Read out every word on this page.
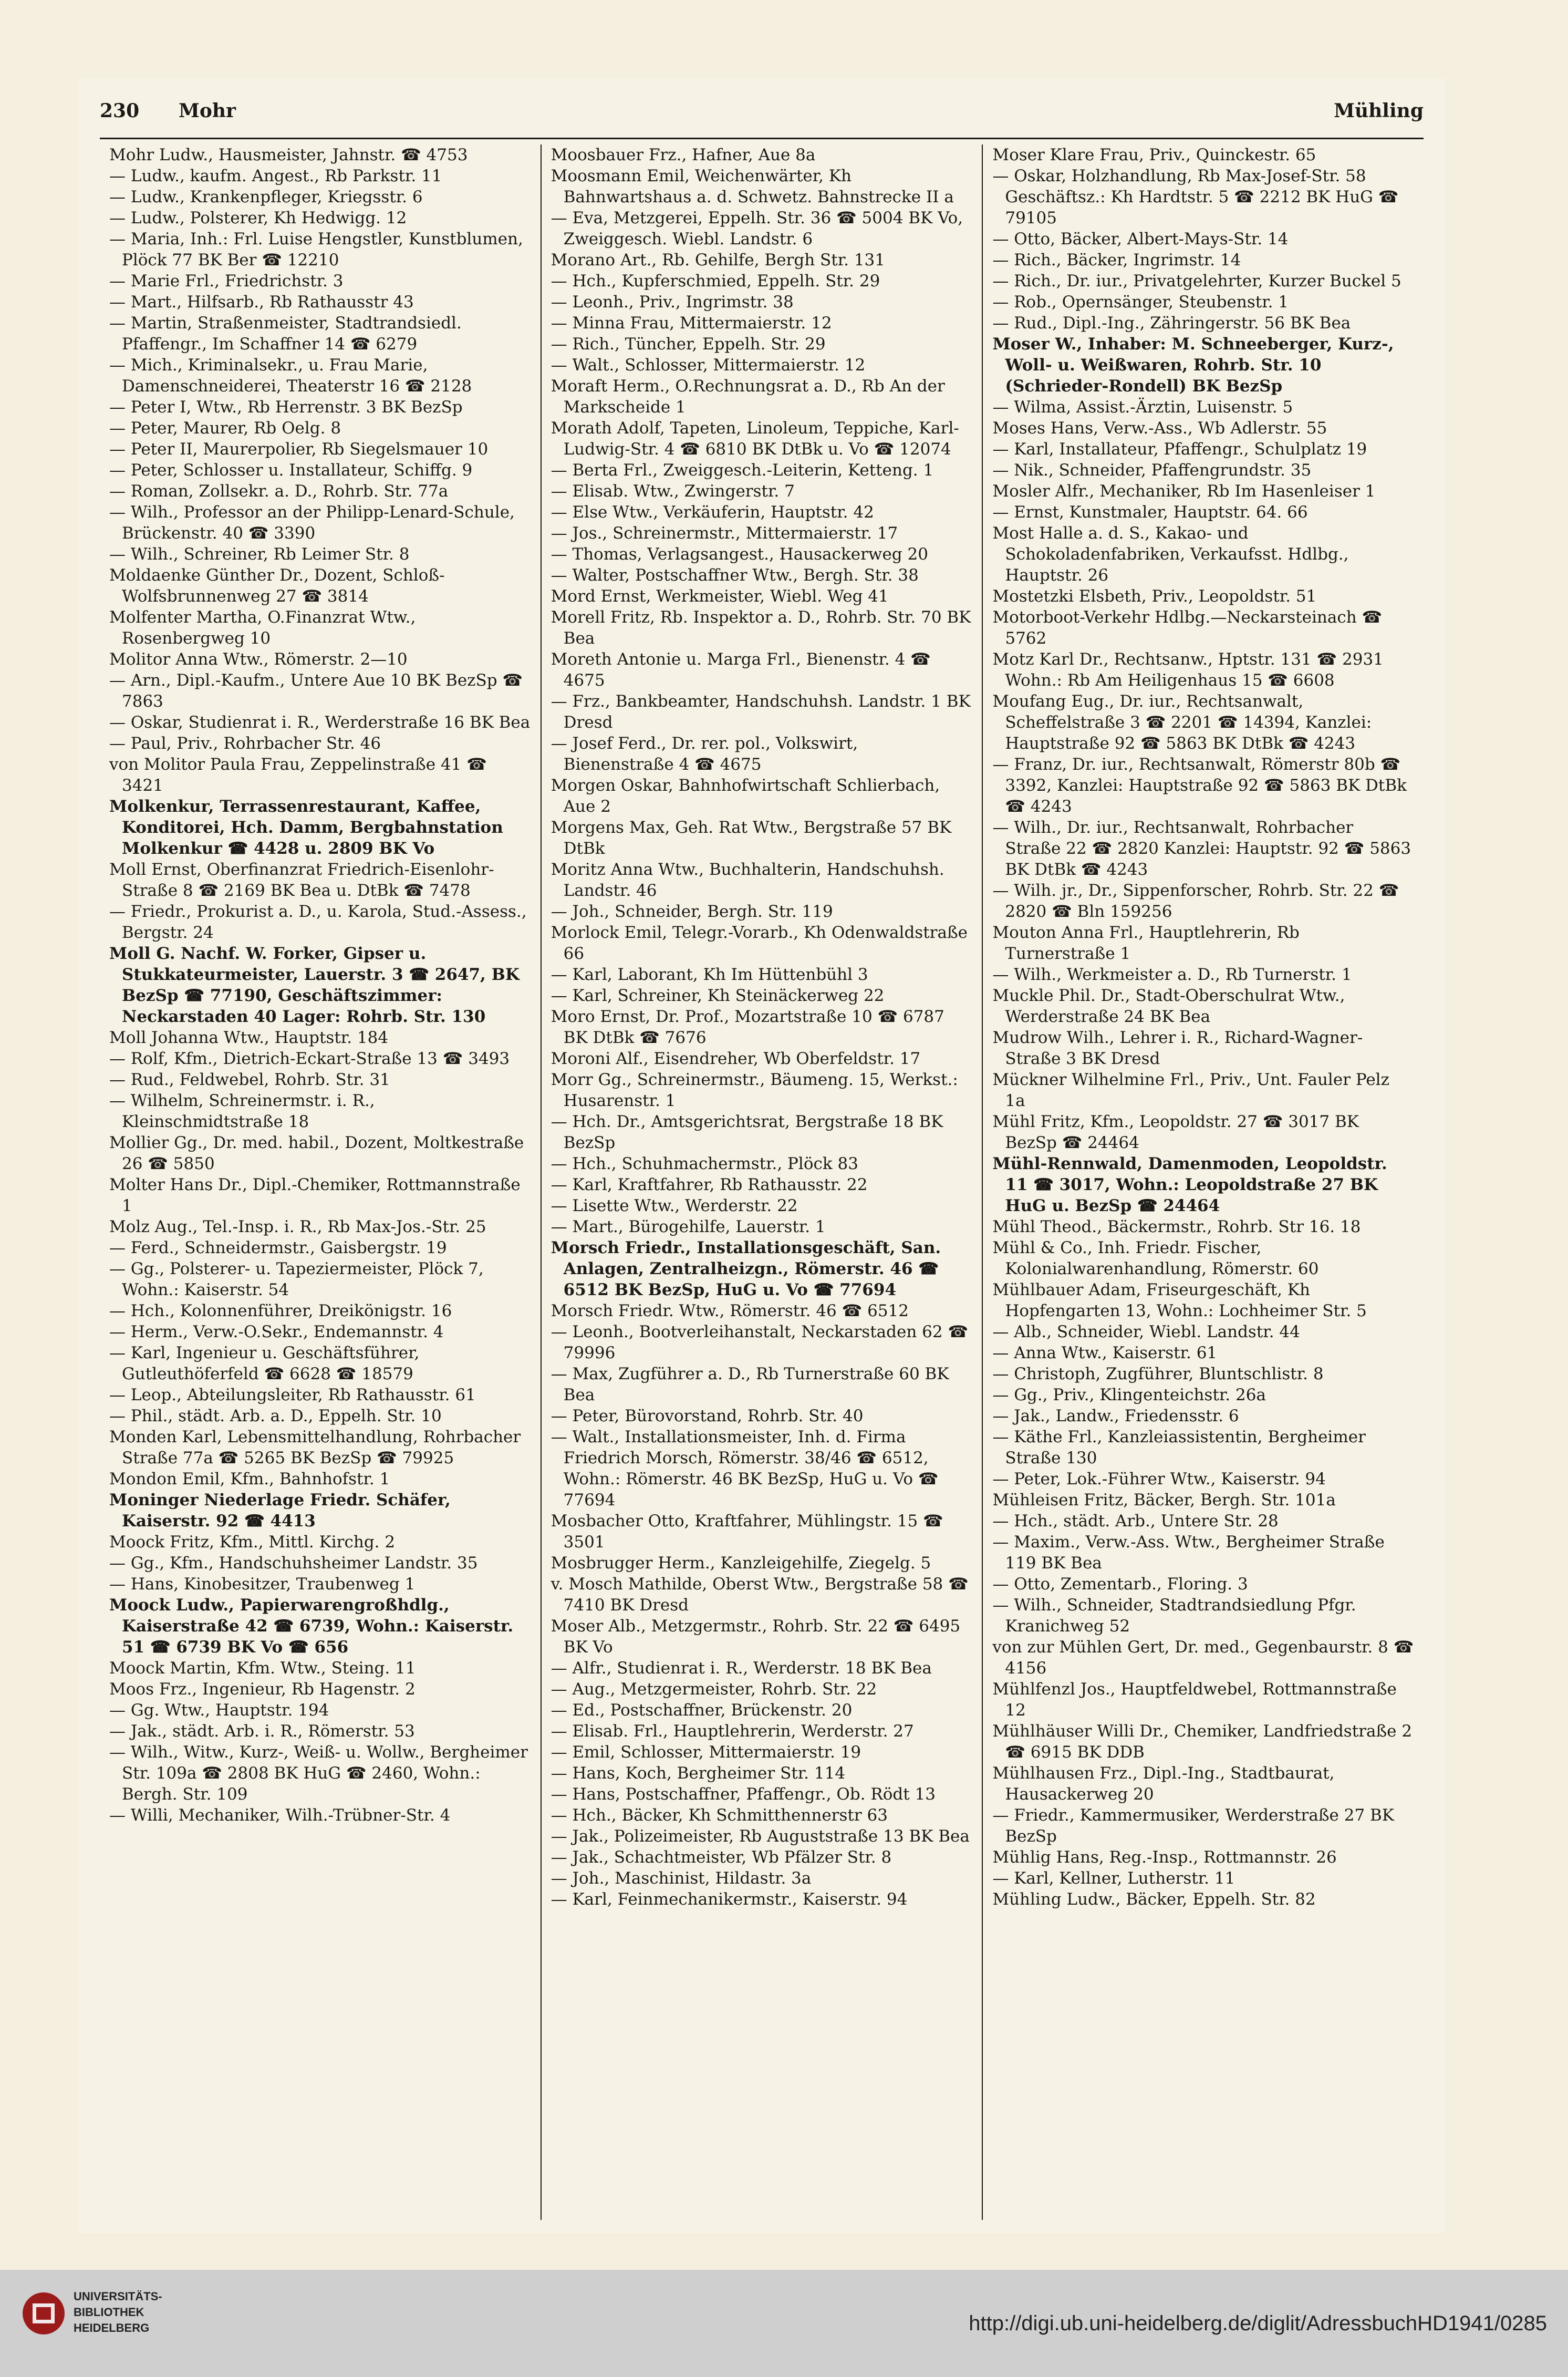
230 Mohr	Mühling

Mohr Ludw., Hausmeister, Jahnstr. ☎ 4753

— Ludw., kaufm. Angest., Rb Parkstr. 11

— Ludw., Krankenpfleger, Kriegsstr. 6

— Ludw., Polsterer, Kh Hedwigg. 12

— Maria, Inh.: Frl. Luise Hengstler, Kunstblumen, Plöck 77 BK Ber ☎ 12210

— Marie Frl., Friedrichstr. 3

— Mart., Hilfsarb., Rb Rathausstr 43

— Martin, Straßenmeister, Stadtrandsiedl. Pfaffengr., Im Schaffner 14 ☎ 6279

— Mich., Kriminalsekr., u. Frau Marie, Damenschneiderei, Theaterstr 16 ☎ 2128

— Peter I, Wtw., Rb Herrenstr. 3 BK BezSp

— Peter, Maurer, Rb Oelg. 8

— Peter II, Maurerpolier, Rb Siegelsmauer 10

— Peter, Schlosser u. Installateur, Schiffg. 9

— Roman, Zollsekr. a. D., Rohrb. Str. 77a

— Wilh., Professor an der Philipp-Lenard-Schule, Brückenstr. 40 ☎ 3390

— Wilh., Schreiner, Rb Leimer Str. 8

Moldaenke Günther Dr., Dozent, Schloß-Wolfsbrunnenweg 27 ☎ 3814

Molfenter Martha, O.Finanzrat Wtw., Rosenbergweg 10

Molitor Anna Wtw., Römerstr. 2—10

— Arn., Dipl.-Kaufm., Untere Aue 10 BK BezSp ☎ 7863

— Oskar, Studienrat i. R., Werderstraße 16 BK Bea

— Paul, Priv., Rohrbacher Str. 46

von Molitor Paula Frau, Zeppelinstraße 41 ☎ 3421

Molkenkur, Terrassenrestaurant, Kaffee, Konditorei, Hch. Damm, Bergbahnstation Molkenkur ☎ 4428 u. 2809 BK Vo

Moll Ernst, Oberfinanzrat Friedrich-Eisenlohr-Straße 8 ☎ 2169 BK Bea u. DtBk ☎ 7478

— Friedr., Prokurist a. D., u. Karola, Stud.-Assess., Bergstr. 24

Moll G. Nachf. W. Forker, Gipser u. Stukkateurmeister, Lauerstr. 3 ☎ 2647, BK BezSp ☎ 77190, Geschäftszimmer: Neckarstaden 40 Lager: Rohrb. Str. 130

Moll Johanna Wtw., Hauptstr. 184

— Rolf, Kfm., Dietrich-Eckart-Straße 13 ☎ 3493

— Rud., Feldwebel, Rohrb. Str. 31

— Wilhelm, Schreinermstr. i. R., Kleinschmidtstraße 18

Mollier Gg., Dr. med. habil., Dozent, Moltkestraße 26 ☎ 5850

Molter Hans Dr., Dipl.-Chemiker, Rottmannstraße 1

Molz Aug., Tel.-Insp. i. R., Rb Max-Jos.-Str. 25

— Ferd., Schneidermstr., Gaisbergstr. 19

— Gg., Polsterer- u. Tapeziermeister, Plöck 7, Wohn.: Kaiserstr. 54

— Hch., Kolonnenführer, Dreikönigstr. 16

— Herm., Verw.-O.Sekr., Endemannstr. 4

— Karl, Ingenieur u. Geschäftsführer, Gutleuthöferfeld ☎ 6628 ☎ 18579

— Leop., Abteilungsleiter, Rb Rathausstr. 61

— Phil., städt. Arb. a. D., Eppelh. Str. 10

Monden Karl, Lebensmittelhandlung, Rohrbacher Straße 77a ☎ 5265 BK BezSp ☎ 79925

Mondon Emil, Kfm., Bahnhofstr. 1

Moninger Niederlage Friedr. Schäfer, Kaiserstr. 92 ☎ 4413

Moock Fritz, Kfm., Mittl. Kirchg. 2

— Gg., Kfm., Handschuhsheimer Landstr. 35

— Hans, Kinobesitzer, Traubenweg 1

Moock Ludw., Papierwarengroßhdlg., Kaiserstraße 42 ☎ 6739, Wohn.: Kaiserstr. 51 ☎ 6739 BK Vo ☎ 656

Moock Martin, Kfm. Wtw., Steing. 11

Moos Frz., Ingenieur, Rb Hagenstr. 2

— Gg. Wtw., Hauptstr. 194

— Jak., städt. Arb. i. R., Römerstr. 53

— Wilh., Witw., Kurz-, Weiß- u. Wollw., Bergheimer Str. 109a ☎ 2808 BK HuG ☎ 2460, Wohn.: Bergh. Str. 109

— Willi, Mechaniker, Wilh.-Trübner-Str. 4

Moosbauer Frz., Hafner, Aue 8a

Moosmann Emil, Weichenwärter, Kh Bahnwartshaus a. d. Schwetz. Bahnstrecke II a

— Eva, Metzgerei, Eppelh. Str. 36 ☎ 5004 BK Vo, Zweiggesch. Wiebl. Landstr. 6

Morano Art., Rb. Gehilfe, Bergh Str. 131

— Hch., Kupferschmied, Eppelh. Str. 29

— Leonh., Priv., Ingrimstr. 38

— Minna Frau, Mittermaierstr. 12

— Rich., Tüncher, Eppelh. Str. 29

— Walt., Schlosser, Mittermaierstr. 12

Moraft Herm., O.Rechnungsrat a. D., Rb An der Markscheide 1

Morath Adolf, Tapeten, Linoleum, Teppiche, Karl-Ludwig-Str. 4 ☎ 6810 BK DtBk u. Vo ☎ 12074

— Berta Frl., Zweiggesch.-Leiterin, Ketteng. 1

— Elisab. Wtw., Zwingerstr. 7

— Else Wtw., Verkäuferin, Hauptstr. 42

— Jos., Schreinermstr., Mittermaierstr. 17

— Thomas, Verlagsangest., Hausackerweg 20

— Walter, Postschaffner Wtw., Bergh. Str. 38

Mord Ernst, Werkmeister, Wiebl. Weg 41

Morell Fritz, Rb. Inspektor a. D., Rohrb. Str. 70 BK Bea

Moreth Antonie u. Marga Frl., Bienenstr. 4 ☎ 4675

— Frz., Bankbeamter, Handschuhsh. Landstr. 1 BK Dresd

— Josef Ferd., Dr. rer. pol., Volkswirt, Bienenstraße 4 ☎ 4675

Morgen Oskar, Bahnhofwirtschaft Schlierbach, Aue 2

Morgens Max, Geh. Rat Wtw., Bergstraße 57 BK DtBk

Moritz Anna Wtw., Buchhalterin, Handschuhsh. Landstr. 46

— Joh., Schneider, Bergh. Str. 119

Morlock Emil, Telegr.-Vorarb., Kh Odenwaldstraße 66

— Karl, Laborant, Kh Im Hüttenbühl 3

— Karl, Schreiner, Kh Steinäckerweg 22

Moro Ernst, Dr. Prof., Mozartstraße 10 ☎ 6787 BK DtBk ☎ 7676

Moroni Alf., Eisendreher, Wb Oberfeldstr. 17

Morr Gg., Schreinermstr., Bäumeng. 15, Werkst.: Husarenstr. 1

— Hch. Dr., Amtsgerichtsrat, Bergstraße 18 BK BezSp

— Hch., Schuhmachermstr., Plöck 83

— Karl, Kraftfahrer, Rb Rathausstr. 22

— Lisette Wtw., Werderstr. 22

— Mart., Bürogehilfe, Lauerstr. 1

Morsch Friedr., Installationsgeschäft, San. Anlagen, Zentralheizgn., Römerstr. 46 ☎ 6512 BK BezSp, HuG u. Vo ☎ 77694

Morsch Friedr. Wtw., Römerstr. 46 ☎ 6512

— Leonh., Bootverleihanstalt, Neckarstaden 62 ☎ 79996

— Max, Zugführer a. D., Rb Turnerstraße 60 BK Bea

— Peter, Bürovorstand, Rohrb. Str. 40

— Walt., Installationsmeister, Inh. d. Firma Friedrich Morsch, Römerstr. 38/46 ☎ 6512, Wohn.: Römerstr. 46 BK BezSp, HuG u. Vo ☎ 77694

Mosbacher Otto, Kraftfahrer, Mühlingstr. 15 ☎ 3501

Mosbrugger Herm., Kanzleigehilfe, Ziegelg. 5

v. Mosch Mathilde, Oberst Wtw., Bergstraße 58 ☎ 7410 BK Dresd

Moser Alb., Metzgermstr., Rohrb. Str. 22 ☎ 6495 BK Vo

— Alfr., Studienrat i. R., Werderstr. 18 BK Bea

— Aug., Metzgermeister, Rohrb. Str. 22

— Ed., Postschaffner, Brückenstr. 20

— Elisab. Frl., Hauptlehrerin, Werderstr. 27

— Emil, Schlosser, Mittermaierstr. 19

— Hans, Koch, Bergheimer Str. 114

— Hans, Postschaffner, Pfaffengr., Ob. Rödt 13

— Hch., Bäcker, Kh Schmitthennerstr 63

— Jak., Polizeimeister, Rb Auguststraße 13 BK Bea

— Jak., Schachtmeister, Wb Pfälzer Str. 8

— Joh., Maschinist, Hildastr. 3a

— Karl, Feinmechanikermstr., Kaiserstr. 94

Moser Klare Frau, Priv., Quinckestr. 65

— Oskar, Holzhandlung, Rb Max-Josef-Str. 58 Geschäftsz.: Kh Hardtstr. 5 ☎ 2212 BK HuG ☎ 79105

— Otto, Bäcker, Albert-Mays-Str. 14

— Rich., Bäcker, Ingrimstr. 14

— Rich., Dr. iur., Privatgelehrter, Kurzer Buckel 5

— Rob., Opernsänger, Steubenstr. 1

— Rud., Dipl.-Ing., Zähringerstr. 56 BK Bea

Moser W., Inhaber: M. Schneeberger, Kurz-, Woll- u. Weißwaren, Rohrb. Str. 10 (Schrieder-Rondell) BK BezSp

— Wilma, Assist.-Ärztin, Luisenstr. 5

Moses Hans, Verw.-Ass., Wb Adlerstr. 55

— Karl, Installateur, Pfaffengr., Schulplatz 19

— Nik., Schneider, Pfaffengrundstr. 35

Mosler Alfr., Mechaniker, Rb Im Hasenleiser 1

— Ernst, Kunstmaler, Hauptstr. 64. 66

Most Halle a. d. S., Kakao- und Schokoladenfabriken, Verkaufsst. Hdlbg., Hauptstr. 26

Mostetzki Elsbeth, Priv., Leopoldstr. 51

Motorboot-Verkehr Hdlbg.—Neckarsteinach ☎ 5762

Motz Karl Dr., Rechtsanw., Hptstr. 131 ☎ 2931 Wohn.: Rb Am Heiligenhaus 15 ☎ 6608

Moufang Eug., Dr. iur., Rechtsanwalt, Scheffelstraße 3 ☎ 2201 ☎ 14394, Kanzlei: Hauptstraße 92 ☎ 5863 BK DtBk ☎ 4243

— Franz, Dr. iur., Rechtsanwalt, Römerstr 80b ☎ 3392, Kanzlei: Hauptstraße 92 ☎ 5863 BK DtBk ☎ 4243

— Wilh., Dr. iur., Rechtsanwalt, Rohrbacher Straße 22 ☎ 2820 Kanzlei: Hauptstr. 92 ☎ 5863 BK DtBk ☎ 4243

— Wilh. jr., Dr., Sippenforscher, Rohrb. Str. 22 ☎ 2820 ☎ Bln 159256

Mouton Anna Frl., Hauptlehrerin, Rb Turnerstraße 1

— Wilh., Werkmeister a. D., Rb Turnerstr. 1

Muckle Phil. Dr., Stadt-Oberschulrat Wtw., Werderstraße 24 BK Bea

Mudrow Wilh., Lehrer i. R., Richard-Wagner-Straße 3 BK Dresd

Mückner Wilhelmine Frl., Priv., Unt. Fauler Pelz 1a

Mühl Fritz, Kfm., Leopoldstr. 27 ☎ 3017 BK BezSp ☎ 24464

Mühl-Rennwald, Damenmoden, Leopoldstr. 11 ☎ 3017, Wohn.: Leopoldstraße 27 BK HuG u. BezSp ☎ 24464

Mühl Theod., Bäckermstr., Rohrb. Str 16. 18

Mühl & Co., Inh. Friedr. Fischer, Kolonialwarenhandlung, Römerstr. 60

Mühlbauer Adam, Friseurgeschäft, Kh Hopfengarten 13, Wohn.: Lochheimer Str. 5

— Alb., Schneider, Wiebl. Landstr. 44

— Anna Wtw., Kaiserstr. 61

— Christoph, Zugführer, Bluntschlistr. 8

— Gg., Priv., Klingenteichstr. 26a

— Jak., Landw., Friedensstr. 6

— Käthe Frl., Kanzleiassistentin, Bergheimer Straße 130

— Peter, Lok.-Führer Wtw., Kaiserstr. 94

Mühleisen Fritz, Bäcker, Bergh. Str. 101a

— Hch., städt. Arb., Untere Str. 28

— Maxim., Verw.-Ass. Wtw., Bergheimer Straße 119 BK Bea

— Otto, Zementarb., Floring. 3

— Wilh., Schneider, Stadtrandsiedlung Pfgr. Kranichweg 52

von zur Mühlen Gert, Dr. med., Gegenbaurstr. 8 ☎ 4156

Mühlfenzl Jos., Hauptfeldwebel, Rottmannstraße 12

Mühlhäuser Willi Dr., Chemiker, Landfriedstraße 2 ☎ 6915 BK DDB

Mühlhausen Frz., Dipl.-Ing., Stadtbaurat, Hausackerweg 20

— Friedr., Kammermusiker, Werderstraße 27 BK BezSp

Mühlig Hans, Reg.-Insp., Rottmannstr. 26

— Karl, Kellner, Lutherstr. 11

Mühling Ludw., Bäcker, Eppelh. Str. 82

UNIVERSITÄTS-
BIBLIOTHEK
HEIDELBERG	http://digi.ub.uni-heidelberg.de/diglit/AdressbuchHD1941/0285
